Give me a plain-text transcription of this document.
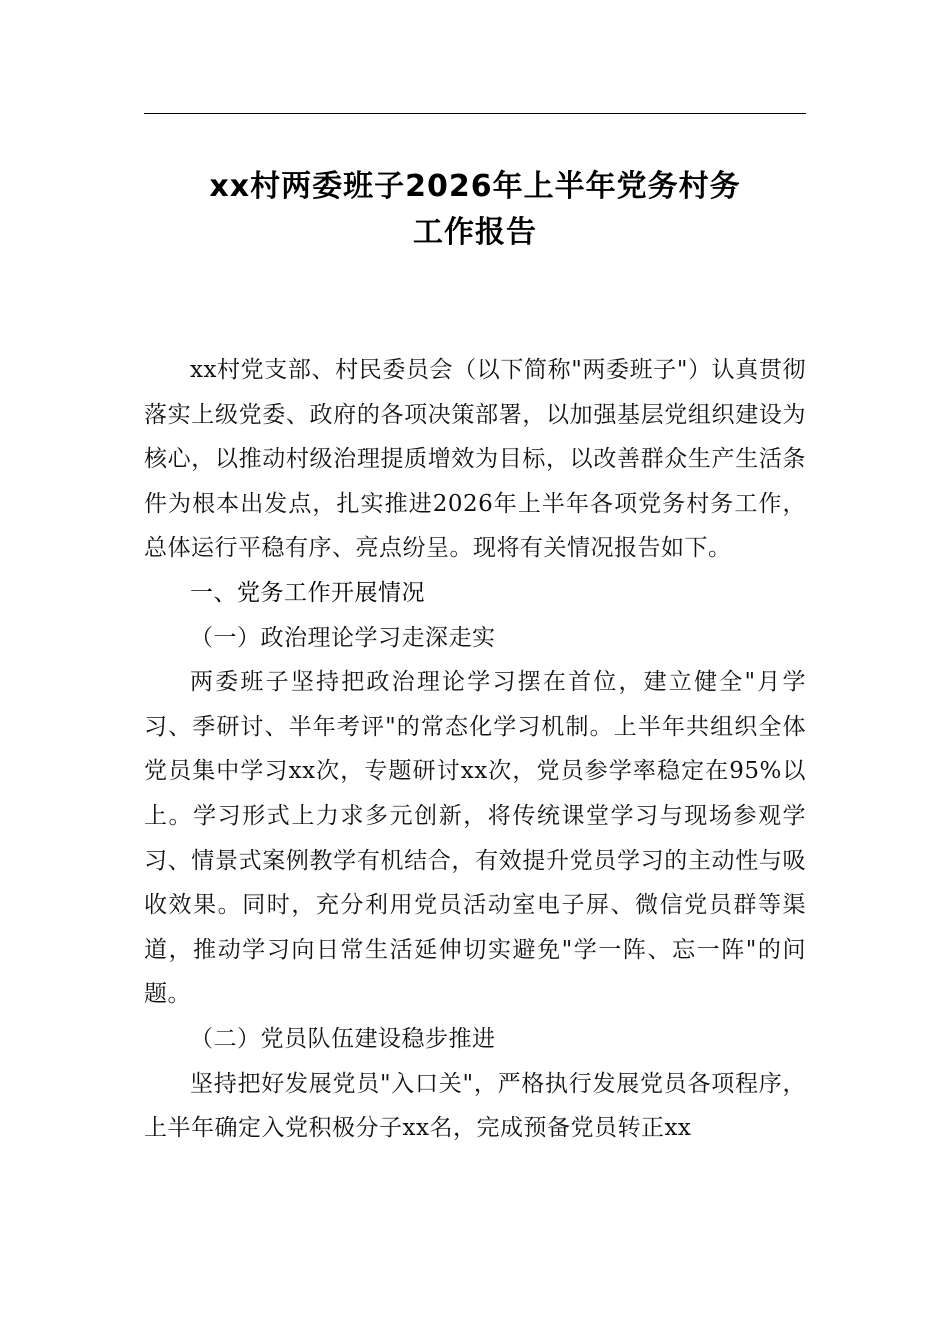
xx村两委班子2026年上半年党务村务
工作报告

xx村党支部、村民委员会（以下简称"两委班子"）认真贯彻落实上级党委、政府的各项决策部署，以加强基层党组织建设为核心，以推动村级治理提质增效为目标，以改善群众生产生活条件为根本出发点，扎实推进2026年上半年各项党务村务工作，总体运行平稳有序、亮点纷呈。现将有关情况报告如下。

一、党务工作开展情况

（一）政治理论学习走深走实

两委班子坚持把政治理论学习摆在首位，建立健全"月学习、季研讨、半年考评"的常态化学习机制。上半年共组织全体党员集中学习xx次，专题研讨xx次，党员参学率稳定在95%以上。学习形式上力求多元创新，将传统课堂学习与现场参观学习、情景式案例教学有机结合，有效提升党员学习的主动性与吸收效果。同时，充分利用党员活动室电子屏、微信党员群等渠道，推动学习向日常生活延伸切实避免"学一阵、忘一阵"的问题。

（二）党员队伍建设稳步推进

坚持把好发展党员"入口关"，严格执行发展党员各项程序，上半年确定入党积极分子xx名，完成预备党员转正xx
